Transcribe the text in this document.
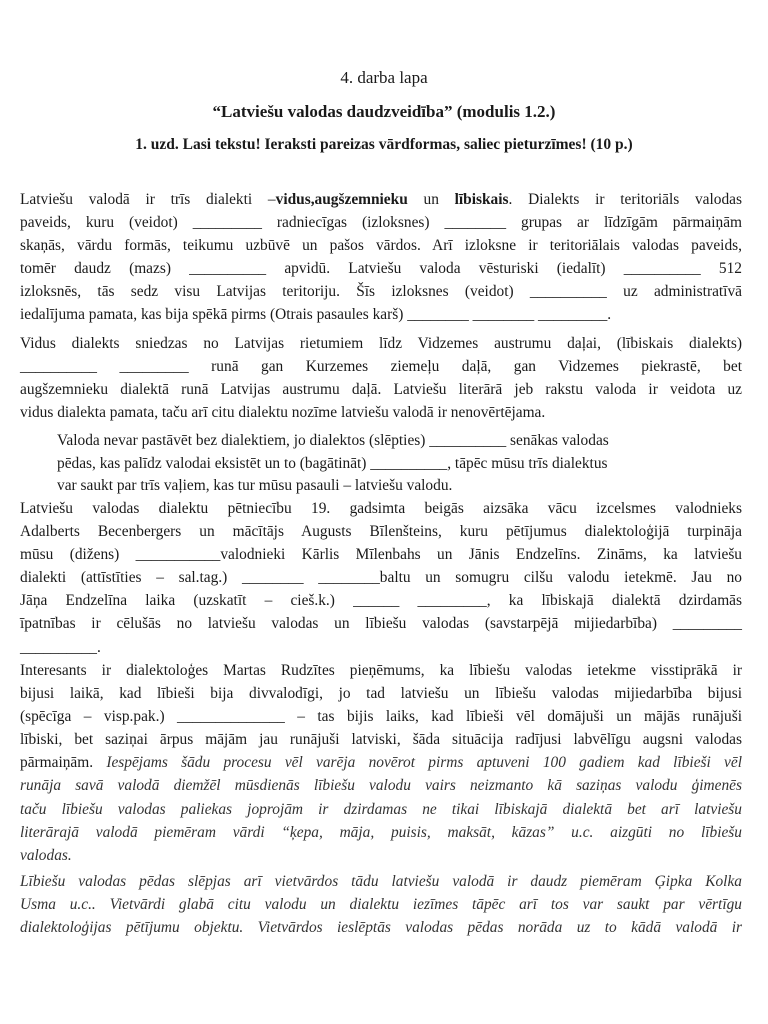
4. darba lapa
“Latviešu valodas daudzveidība” (modulis 1.2.)
1. uzd. Lasi tekstu! Ieraksti pareizas vārdformas, saliec pieturzīmes! (10 p.)

Latviešu valodā ir trīs dialekti –vidus,augšzemnieku un lībiskais. Dialekts ir teritoriāls valodas
paveids, kuru (veidot) _________ radniecīgas (izloksnes) ________ grupas ar līdzīgām pārmaiņām
skaņās, vārdu formās, teikumu uzbūvē un pašos vārdos. Arī izloksne ir teritoriālais valodas paveids,
tomēr daudz (mazs) __________ apvidū. Latviešu valoda vēsturiski (iedalīt) __________ 512
izloksnēs, tās sedz visu Latvijas teritoriju. Šīs izloksnes (veidot) __________ uz administratīvā
iedalījuma pamata, kas bija spēkā pirms (Otrais pasaules karš) ________ ________ _________.

Vidus dialekts sniedzas no Latvijas rietumiem līdz Vidzemes austrumu daļai, (lībiskais dialekts)
__________ _________ runā gan Kurzemes ziemeļu daļā, gan Vidzemes piekrastē, bet
augšzemnieku dialektā runā Latvijas austrumu daļā. Latviešu literārā jeb rakstu valoda ir veidota uz
vidus dialekta pamata, taču arī citu dialektu nozīme latviešu valodā ir nenovērtējama.

Valoda nevar pastāvēt bez dialektiem, jo dialektos (slēpties) __________ senākas valodas
pēdas, kas palīdz valodai eksistēt un to (bagātināt) __________, tāpēc mūsu trīs dialektus
var saukt par trīs vaļiem, kas tur mūsu pasauli – latviešu valodu.

Latviešu valodas dialektu pētniecību 19. gadsimta beigās aizsāka vācu izcelsmes valodnieks
Adalberts Becenbergers un mācītājs Augusts Bīlenšteins, kuru pētījumus dialektoloģijā turpināja
mūsu (dižens) ___________valodnieki Kārlis Mīlenbahs un Jānis Endzelīns. Zināms, ka latviešu
dialekti (attīstīties – sal.tag.) ________ ________baltu un somugru cilšu valodu ietekmē. Jau no
Jāņa Endzelīna laika (uzskatīt – cieš.k.) ______ _________, ka lībiskajā dialektā dzirdamās
īpatnības ir cēlušās no latviešu valodas un lībiešu valodas (savstarpējā mijiedarbība) _________
__________.

Interesants ir dialektoloģes Martas Rudzītes pieņēmums, ka lībiešu valodas ietekme visstiprākā ir
bijusi laikā, kad lībieši bija divvalodīgi, jo tad latviešu un lībiešu valodas mijiedarbība bijusi
(spēcīga – visp.pak.) ______________ – tas bijis laiks, kad lībieši vēl domājuši un mājās runājuši
lībiski, bet saziņai ārpus mājām jau runājuši latviski, šāda situācija radījusi labvēlīgu augsni valodas
pārmaiņām. Iespējams šādu procesu vēl varēja novērot pirms aptuveni 100 gadiem kad lībieši vēl
runāja savā valodā diemžēl mūsdienās lībiešu valodu vairs neizmanto kā saziņas valodu ģimenēs
taču lībiešu valodas paliekas joprojām ir dzirdamas ne tikai lībiskajā dialektā bet arī latviešu
literārajā valodā piemēram vārdi “ķepa, māja, puisis, maksāt, kāzas” u.c. aizgūti no lībiešu
valodas.

Lībiešu valodas pēdas slēpjas arī vietvārdos tādu latviešu valodā ir daudz piemēram Ģipka Kolka
Usma u.c.. Vietvārdi glabā citu valodu un dialektu iezīmes tāpēc arī tos var saukt par vērtīgu
dialektoloģijas pētījumu objektu. Vietvārdos ieslēptās valodas pēdas norāda uz to kādā valodā ir
